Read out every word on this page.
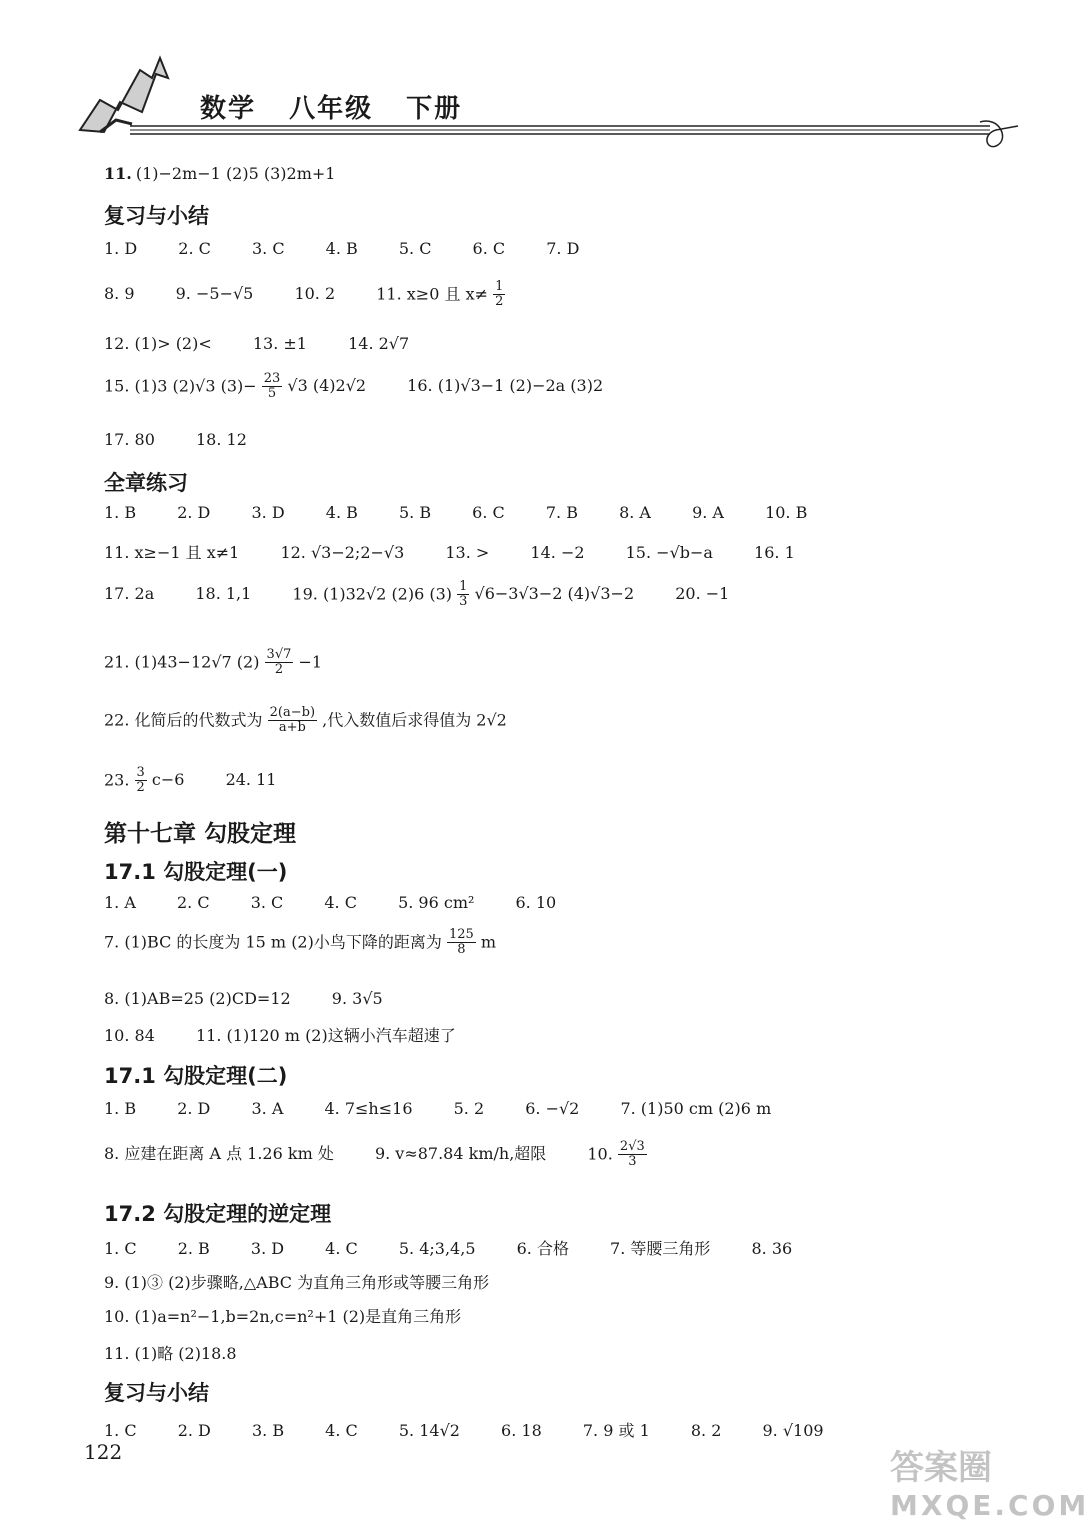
数学 八年级 下册
11. (1)−2m−1 (2)5 (3)2m+1
复习与小结
1. D	2. C	3. C	4. B	5. C	6. C	7. D
8. 9	9. −5−√5	10. 2	11. x≥0 且 $x\ne \frac{1}{2}$
12. (1)> (2)<	13. ±1	14. 2√7
15. (1)3 (2)√3 $(3)- \frac{23}{5} √3$ (4)2√2	16. (1)√3−1 (2)−2a (3)2
17. 80	18. 12
全章练习
1. B	2. D	3. D	4. B	5. B	6. C	7. B	8. A	9. A	10. B
11. x≥−1 且 x≠1	12. √3−2;2−√3	13. >	14. −2	15. −√b−a	16. 1
17. 2a	18. 1,1	19. (1)32√2 (2)6 $(3) \frac{1}{3} √6-3√3-2$ (4)√3−2	20. −1
21. (1)43−12√7 $(2) \frac{3√7}{2} -1$
22. 化简后的代数式为 $\frac{2(a-b)}{a+b}$ ,代入数值后求得值为 2√2
23. $\frac{3}{2} c-6$	24. 11
第十七章 勾股定理
17.1 勾股定理(一)
1. A	2. C	3. C	4. C	5. 96 cm²	6. 10
7. (1)BC 的长度为 15 m (2)小鸟下降的距离为 $\frac{125}{8}$ m
8. (1)AB=25 (2)CD=12	9. 3√5
10. 84	11. (1)120 m (2)这辆小汽车超速了
17.1 勾股定理(二)
1. B	2. D	3. A	4. 7≤h≤16	5. 2	6. −√2	7. (1)50 cm (2)6 m
8. 应建在距离 A 点 1.26 km 处	9. v≈87.84 km/h,超限	10. $\frac{2√3}{3}$
17.2 勾股定理的逆定理
1. C	2. B	3. D	4. C	5. 4;3,4,5	6. 合格	7. 等腰三角形	8. 36
9. (1)③ (2)步骤略,△ABC 为直角三角形或等腰三角形
10. (1)a=n²−1,b=2n,c=n²+1 (2)是直角三角形
11. (1)略 (2)18.8
复习与小结
1. C	2. D	3. B	4. C	5. 14√2	6. 18	7. 9 或 1	8. 2	9. √109
122	答案圈
MXQE.COM
